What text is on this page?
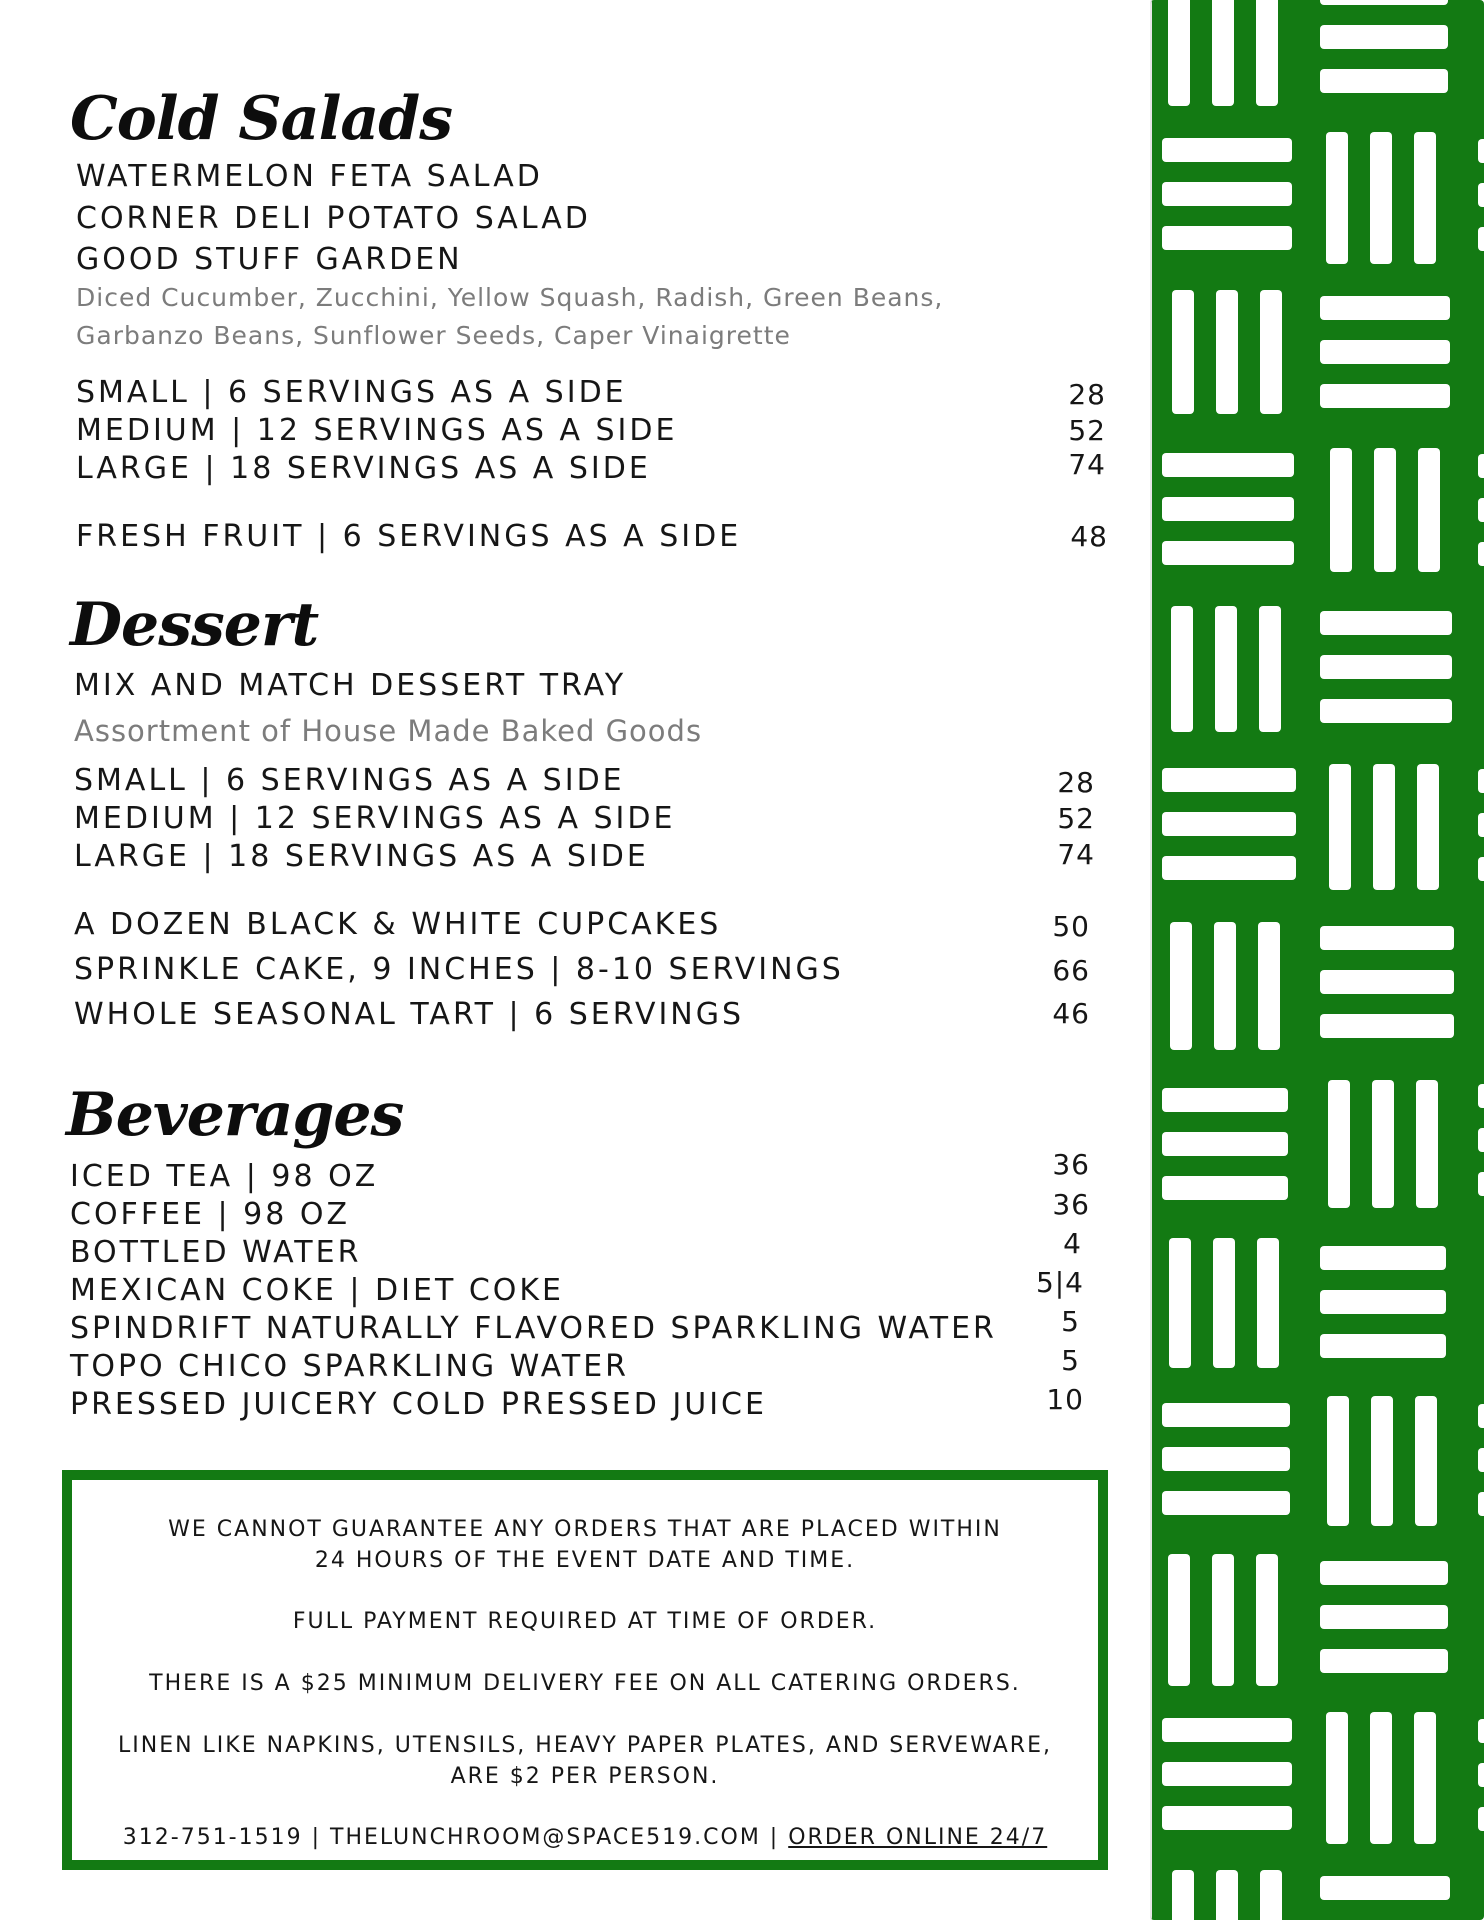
Cold Salads
WATERMELON FETA SALAD
CORNER DELI POTATO SALAD
GOOD STUFF GARDEN
Diced Cucumber, Zucchini, Yellow Squash, Radish, Green Beans,
Garbanzo Beans, Sunflower Seeds, Caper Vinaigrette
SMALL | 6 SERVINGS AS A SIDE	28
MEDIUM | 12 SERVINGS AS A SIDE	52
LARGE | 18 SERVINGS AS A SIDE	74
FRESH FRUIT | 6 SERVINGS AS A SIDE	48
Dessert
MIX AND MATCH DESSERT TRAY
Assortment of House Made Baked Goods
SMALL | 6 SERVINGS AS A SIDE	28
MEDIUM | 12 SERVINGS AS A SIDE	52
LARGE | 18 SERVINGS AS A SIDE	74
A DOZEN BLACK & WHITE CUPCAKES	50
SPRINKLE CAKE, 9 INCHES | 8-10 SERVINGS	66
WHOLE SEASONAL TART | 6 SERVINGS	46
Beverages
ICED TEA | 98 OZ	36
COFFEE | 98 OZ	36
BOTTLED WATER	4
MEXICAN COKE | DIET COKE	5|4
SPINDRIFT NATURALLY FLAVORED SPARKLING WATER	5
TOPO CHICO SPARKLING WATER	5
PRESSED JUICERY COLD PRESSED JUICE	10

WE CANNOT GUARANTEE ANY ORDERS THAT ARE PLACED WITHIN

24 HOURS OF THE EVENT DATE AND TIME.

FULL PAYMENT REQUIRED AT TIME OF ORDER.

THERE IS A $25 MINIMUM DELIVERY FEE ON ALL CATERING ORDERS.

LINEN LIKE NAPKINS, UTENSILS, HEAVY PAPER PLATES, AND SERVEWARE,

ARE $2 PER PERSON.

312-751-1519 | THELUNCHROOM@SPACE519.COM | ORDER ONLINE 24/7
